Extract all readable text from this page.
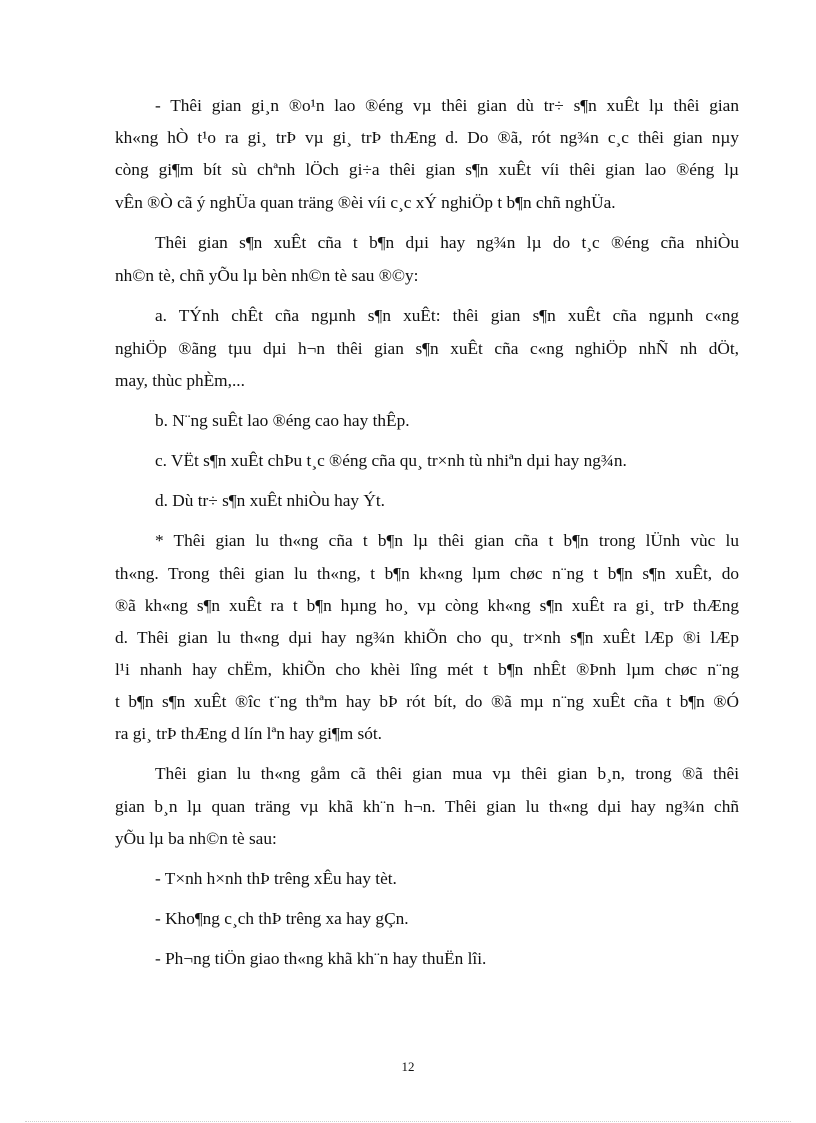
- Thêi gian gi¸n ®o¹n lao ®éng vµ thêi gian dù tr÷ s¶n xuÊt lµ thêi gian
kh«ng hÒ t¹o ra gi¸ trÞ vµ gi¸ trÞ thÆng d. Do ®ã, rót ng¾n c¸c thêi gian nµy
còng gi¶m bít sù chªnh lÖch gi÷a thêi gian s¶n xuÊt víi thêi gian lao ®éng lµ
vÊn ®Ò cã ý nghÜa quan träng ®èi víi c¸c xÝ nghiÖp t b¶n chñ nghÜa.
Thêi gian s¶n xuÊt cña t b¶n dµi hay ng¾n lµ do t¸c ®éng cña nhiÒu
nh©n tè, chñ yÕu lµ bèn nh©n tè sau ®©y:
a. TÝnh chÊt cña ngµnh s¶n xuÊt: thêi gian s¶n xuÊt cña ngµnh c«ng
nghiÖp ®ãng tµu dµi h¬n thêi gian s¶n xuÊt cña c«ng nghiÖp nhÑ nh dÖt,
may, thùc phÈm,...
b. N¨ng suÊt lao ®éng cao hay thÊp.
c. VËt s¶n xuÊt chÞu t¸c ®éng cña qu¸ tr×nh tù nhiªn dµi hay ng¾n.
d. Dù tr÷ s¶n xuÊt nhiÒu hay Ýt.
* Thêi gian lu th«ng cña t b¶n lµ thêi gian cña t b¶n trong lÜnh vùc lu
th«ng. Trong thêi gian lu th«ng, t b¶n kh«ng lµm chøc n¨ng t b¶n s¶n xuÊt, do
®ã kh«ng s¶n xuÊt ra t b¶n hµng ho¸ vµ còng kh«ng s¶n xuÊt ra gi¸ trÞ thÆng
d. Thêi gian lu th«ng dµi hay ng¾n khiÕn cho qu¸ tr×nh s¶n xuÊt lÆp ®i lÆp
l¹i nhanh hay chËm, khiÕn cho khèi lîng mét t b¶n nhÊt ®Þnh lµm chøc n¨ng
t b¶n s¶n xuÊt ®îc t¨ng thªm hay bÞ rót bít, do ®ã mµ n¨ng xuÊt cña t b¶n ®Ó
ra gi¸ trÞ thÆng d lín lªn hay gi¶m sót.
Thêi gian lu th«ng gåm cã thêi gian mua vµ thêi gian b¸n, trong ®ã thêi
gian b¸n lµ quan träng vµ khã kh¨n h¬n. Thêi gian lu th«ng dµi hay ng¾n chñ
yÕu lµ ba nh©n tè sau:
- T×nh h×nh thÞ trêng xÊu hay tèt.
- Kho¶ng c¸ch thÞ trêng xa hay gÇn.
- Ph¬ng tiÖn giao th«ng khã kh¨n hay thuËn lîi.
12
